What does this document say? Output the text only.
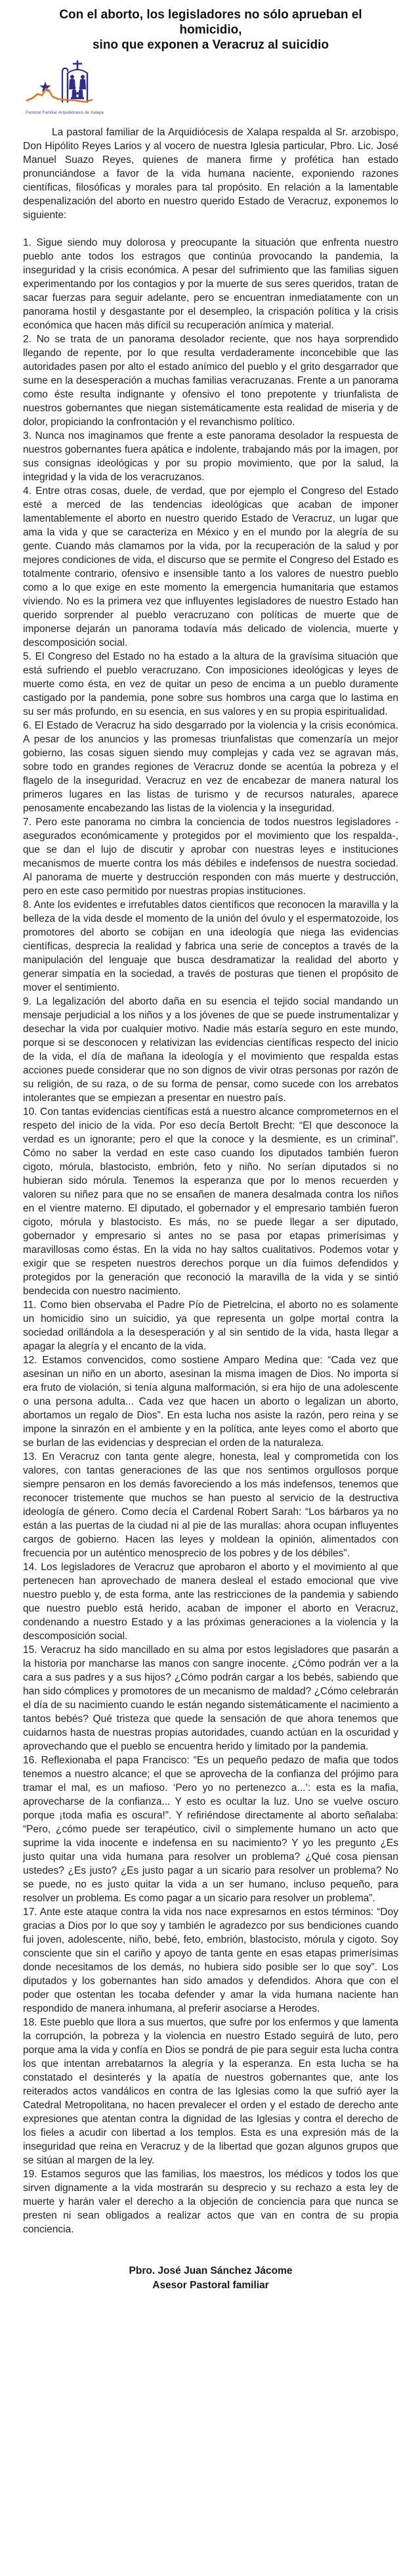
Con el aborto, los legisladores no sólo aprueban el homicidio,
sino que exponen a Veracruz al suicidio
Pastoral Familiar Arquidiócesis de Xalapa

La pastoral familiar de la Arquidiócesis de Xalapa respalda al Sr. arzobispo, Don Hipólito Reyes Larios y al vocero de nuestra Iglesia particular, Pbro. Lic. José Manuel Suazo Reyes, quienes de manera firme y profética han estado pronunciándose a favor de la vida humana naciente, exponiendo razones científicas, filosóficas y morales para tal propósito. En relación a la lamentable despenalización del aborto en nuestro querido Estado de Veracruz, exponemos lo siguiente:

1. Sigue siendo muy dolorosa y preocupante la situación que enfrenta nuestro pueblo ante todos los estragos que continúa provocando la pandemia, la inseguridad y la crisis económica. A pesar del sufrimiento que las familias siguen experimentando por los contagios y por la muerte de sus seres queridos, tratan de sacar fuerzas para seguir adelante, pero se encuentran inmediatamente con un panorama hostil y desgastante por el desempleo, la crispación política y la crisis económica que hacen más difícil su recuperación anímica y material.

2. No se trata de un panorama desolador reciente, que nos haya sorprendido llegando de repente, por lo que resulta verdaderamente inconcebible que las autoridades pasen por alto el estado anímico del pueblo y el grito desgarrador que sume en la desesperación a muchas familias veracruzanas. Frente a un panorama como éste resulta indignante y ofensivo el tono prepotente y triunfalista de nuestros gobernantes que niegan sistemáticamente esta realidad de miseria y de dolor, propiciando la confrontación y el revanchismo político.

3. Nunca nos imaginamos que frente a este panorama desolador la respuesta de nuestros gobernantes fuera apática e indolente, trabajando más por la imagen, por sus consignas ideológicas y por su propio movimiento, que por la salud, la integridad y la vida de los veracruzanos.

4. Entre otras cosas, duele, de verdad, que por ejemplo el Congreso del Estado esté a merced de las tendencias ideológicas que acaban de imponer lamentablemente el aborto en nuestro querido Estado de Veracruz, un lugar que ama la vida y que se caracteriza en México y en el mundo por la alegría de su gente. Cuando más clamamos por la vida, por la recuperación de la salud y por mejores condiciones de vida, el discurso que se permite el Congreso del Estado es totalmente contrario, ofensivo e insensible tanto a los valores de nuestro pueblo como a lo que exige en este momento la emergencia humanitaria que estamos viviendo. No es la primera vez que influyentes legisladores de nuestro Estado han querido sorprender al pueblo veracruzano con políticas de muerte que de imponerse dejarán un panorama todavía más delicado de violencia, muerte y descomposición social.

5. El Congreso del Estado no ha estado a la altura de la gravísima situación que está sufriendo el pueblo veracruzano. Con imposiciones ideológicas y leyes de muerte como ésta, en vez de quitar un peso de encima a un pueblo duramente castigado por la pandemia, pone sobre sus hombros una carga que lo lastima en su ser más profundo, en su esencia, en sus valores y en su propia espiritualidad.

6. El Estado de Veracruz ha sido desgarrado por la violencia y la crisis económica. A pesar de los anuncios y las promesas triunfalistas que comenzaría un mejor gobierno, las cosas siguen siendo muy complejas y cada vez se agravan más, sobre todo en grandes regiones de Veracruz donde se acentúa la pobreza y el flagelo de la inseguridad. Veracruz en vez de encabezar de manera natural los primeros lugares en las listas de turismo y de recursos naturales, aparece penosamente encabezando las listas de la violencia y la inseguridad.

7. Pero este panorama no cimbra la conciencia de todos nuestros legisladores -asegurados económicamente y protegidos por el movimiento que los respalda-, que se dan el lujo de discutir y aprobar con nuestras leyes e instituciones mecanismos de muerte contra los más débiles e indefensos de nuestra sociedad. Al panorama de muerte y destrucción responden con más muerte y destrucción, pero en este caso permitido por nuestras propias instituciones.

8. Ante los evidentes e irrefutables datos científicos que reconocen la maravilla y la belleza de la vida desde el momento de la unión del óvulo y el espermatozoide, los promotores del aborto se cobijan en una ideología que niega las evidencias científicas, desprecia la realidad y fabrica una serie de conceptos a través de la manipulación del lenguaje que busca desdramatizar la realidad del aborto y generar simpatía en la sociedad, a través de posturas que tienen el propósito de mover el sentimiento.

9. La legalización del aborto daña en su esencia el tejido social mandando un mensaje perjudicial a los niños y a los jóvenes de que se puede instrumentalizar y desechar la vida por cualquier motivo. Nadie más estaría seguro en este mundo, porque si se desconocen y relativizan las evidencias científicas respecto del inicio de la vida, el día de mañana la ideología y el movimiento que respalda estas acciones puede considerar que no son dignos de vivir otras personas por razón de su religión, de su raza, o de su forma de pensar, como sucede con los arrebatos intolerantes que se empiezan a presentar en nuestro país.

10. Con tantas evidencias científicas está a nuestro alcance comprometernos en el respeto del inicio de la vida. Por eso decía Bertolt Brecht: “El que desconoce la verdad es un ignorante; pero el que la conoce y la desmiente, es un criminal”. Cómo no saber la verdad en este caso cuando los diputados también fueron cigoto, mórula, blastocisto, embrión, feto y niño. No serían diputados si no hubieran sido mórula. Tenemos la esperanza que por lo menos recuerden y valoren su niñez para que no se ensañen de manera desalmada contra los niños en el vientre materno. El diputado, el gobernador y el empresario también fueron cigoto, mórula y blastocisto. Es más, no se puede llegar a ser diputado, gobernador y empresario si antes no se pasa por etapas primerísimas y maravillosas como éstas. En la vida no hay saltos cualitativos. Podemos votar y exigir que se respeten nuestros derechos porque un día fuimos defendidos y protegidos por la generación que reconoció la maravilla de la vida y se sintió bendecida con nuestro nacimiento.

11. Como bien observaba el Padre Pío de Pietrelcina, el aborto no es solamente un homicidio sino un suicidio, ya que representa un golpe mortal contra la sociedad orillándola a la desesperación y al sin sentido de la vida, hasta llegar a apagar la alegría y el encanto de la vida.

12. Estamos convencidos, como sostiene Amparo Medina que: “Cada vez que asesinan un niño en un aborto, asesinan la misma imagen de Dios. No importa si era fruto de violación, si tenía alguna malformación, si era hijo de una adolescente o una persona adulta... Cada vez que hacen un aborto o legalizan un aborto, abortamos un regalo de Dios”. En esta lucha nos asiste la razón, pero reina y se impone la sinrazón en el ambiente y en la política, ante leyes como el aborto que se burlan de las evidencias y desprecian el orden de la naturaleza.

13. En Veracruz con tanta gente alegre, honesta, leal y comprometida con los valores, con tantas generaciones de las que nos sentimos orgullosos porque siempre pensaron en los demás favoreciendo a los más indefensos, tenemos que reconocer tristemente que muchos se han puesto al servicio de la destructiva ideología de género. Como decía el Cardenal Robert Sarah: “Los bárbaros ya no están a las puertas de la ciudad ni al pie de las murallas: ahora ocupan influyentes cargos de gobierno. Hacen las leyes y moldean la opinión, alimentados con frecuencia por un auténtico menosprecio de los pobres y de los débiles”.

14. Los legisladores de Veracruz que aprobaron el aborto y el movimiento al que pertenecen han aprovechado de manera desleal el estado emocional que vive nuestro pueblo y, de esta forma, ante las restricciones de la pandemia y sabiendo que nuestro pueblo está herido, acaban de imponer el aborto en Veracruz, condenando a nuestro Estado y a las próximas generaciones a la violencia y la descomposición social.

15. Veracruz ha sido mancillado en su alma por estos legisladores que pasarán a la historia por mancharse las manos con sangre inocente. ¿Cómo podrán ver a la cara a sus padres y a sus hijos? ¿Cómo podrán cargar a los bebés, sabiendo que han sido cómplices y promotores de un mecanismo de maldad? ¿Cómo celebrarán el día de su nacimiento cuando le están negando sistemáticamente el nacimiento a tantos bebés? Qué tristeza que quede la sensación de que ahora tenemos que cuidarnos hasta de nuestras propias autoridades, cuando actúan en la oscuridad y aprovechando que el pueblo se encuentra herido y limitado por la pandemia.

16. Reflexionaba el papa Francisco: “Es un pequeño pedazo de mafia que todos tenemos a nuestro alcance; el que se aprovecha de la confianza del prójimo para tramar el mal, es un mafioso. ‘Pero yo no pertenezco a...’: esta es la mafia, aprovecharse de la confianza... Y esto es ocultar la luz. Uno se vuelve oscuro porque ¡toda mafia es oscura!”. Y refiriéndose directamente al aborto señalaba: “Pero, ¿cómo puede ser terapéutico, civil o simplemente humano un acto que suprime la vida inocente e indefensa en su nacimiento? Y yo les pregunto ¿Es justo quitar una vida humana para resolver un problema? ¿Qué cosa piensan ustedes? ¿Es justo? ¿Es justo pagar a un sicario para resolver un problema? No se puede, no es justo quitar la vida a un ser humano, incluso pequeño, para resolver un problema. Es como pagar a un sicario para resolver un problema”.

17. Ante este ataque contra la vida nos nace expresarnos en estos términos: “Doy gracias a Dios por lo que soy y también le agradezco por sus bendiciones cuando fui joven, adolescente, niño, bebé, feto, embrión, blastocisto, mórula y cigoto. Soy consciente que sin el cariño y apoyo de tanta gente en esas etapas primerísimas donde necesitamos de los demás, no hubiera sido posible ser lo que soy”. Los diputados y los gobernantes han sido amados y defendidos. Ahora que con el poder que ostentan les tocaba defender y amar la vida humana naciente han respondido de manera inhumana, al preferir asociarse a Herodes.

18. Este pueblo que llora a sus muertos, que sufre por los enfermos y que lamenta la corrupción, la pobreza y la violencia en nuestro Estado seguirá de luto, pero porque ama la vida y confía en Dios se pondrá de pie para seguir esta lucha contra los que intentan arrebatarnos la alegría y la esperanza. En esta lucha se ha constatado el desinterés y la apatía de nuestros gobernantes que, ante los reiterados actos vandálicos en contra de las Iglesias como la que sufrió ayer la Catedral Metropolitana, no hacen prevalecer el orden y el estado de derecho ante expresiones que atentan contra la dignidad de las Iglesias y contra el derecho de los fieles a acudir con libertad a los templos. Esta es una expresión más de la inseguridad que reina en Veracruz y de la libertad que gozan algunos grupos que se sitúan al margen de la ley.

19. Estamos seguros que las familias, los maestros, los médicos y todos los que sirven dignamente a la vida mostrarán su desprecio y su rechazo a esta ley de muerte y harán valer el derecho a la objeción de conciencia para que nunca se presten ni sean obligados a realizar actos que van en contra de su propia conciencia.

Pbro. José Juan Sánchez Jácome
Asesor Pastoral familiar
